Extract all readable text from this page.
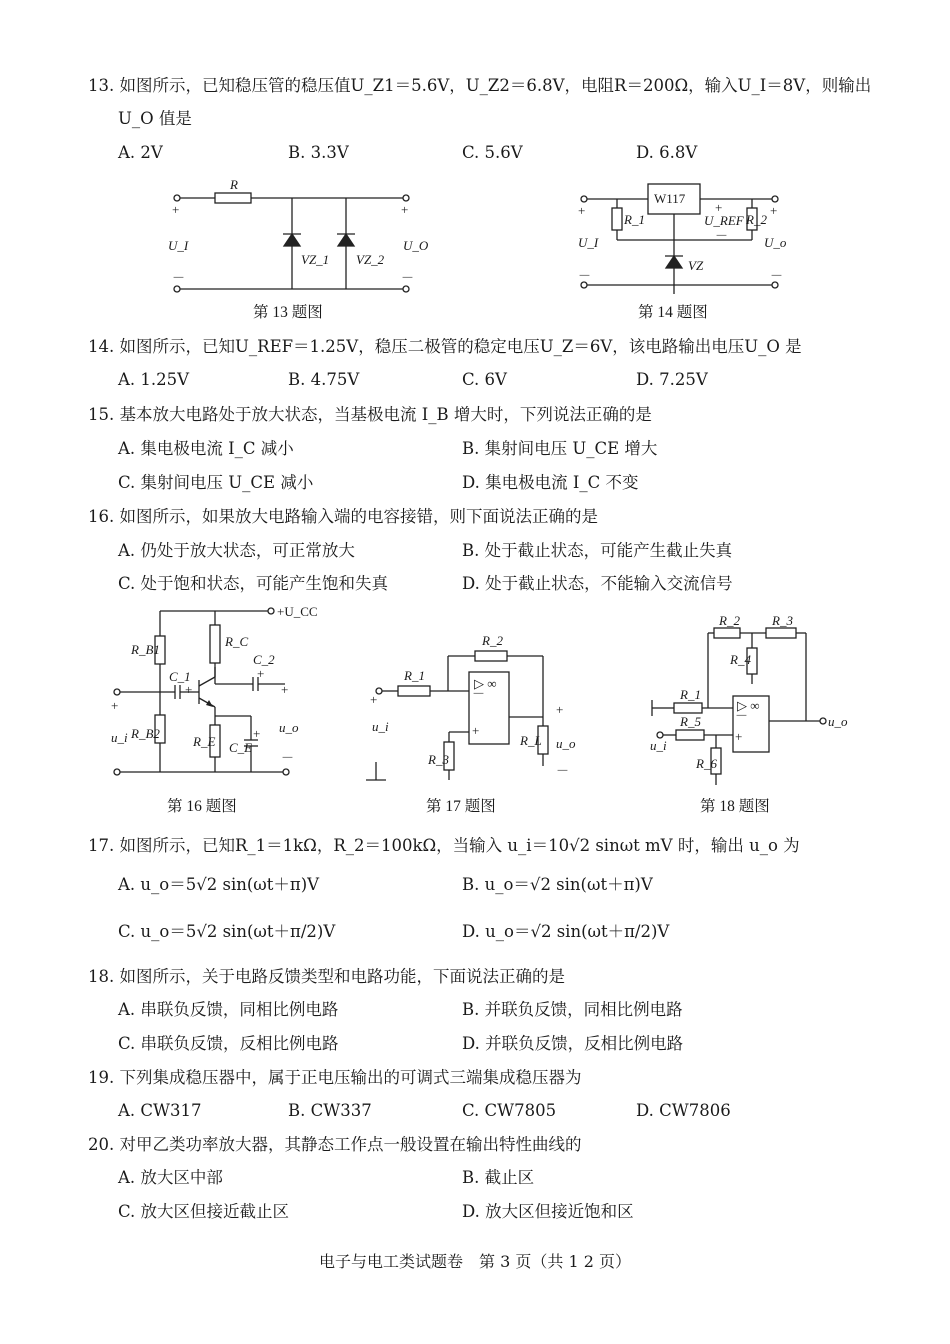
13. 如图所示，已知稳压管的稳压值U_Z1＝5.6V，U_Z2＝6.8V，电阻R＝200Ω，输入U_I＝8V，则输出
U_O 值是
A. 2V	B. 3.3V	C. 5.6V	D. 6.8V
R
+	+
－	－
U_I	U_O
VZ_1 VZ_2
第 13 题图
W117
R_1	R_2
U_REF
+
－
VZ
+	+
－	－
U_I	U_o
第 14 题图
14. 如图所示，已知U_REF＝1.25V，稳压二极管的稳定电压U_Z＝6V，该电路输出电压U_O 是
A. 1.25V	B. 4.75V	C. 6V	D. 7.25V
15. 基本放大电路处于放大状态，当基极电流 I_B 增大时，下列说法正确的是
A. 集电极电流 I_C 减小	B. 集射间电压 U_CE 增大
C. 集射间电压 U_CE 减小	D. 集电极电流 I_C 不变
16. 如图所示，如果放大电路输入端的电容接错，则下面说法正确的是
A. 仍处于放大状态，可正常放大	B. 处于截止状态，可能产生截止失真
C. 处于饱和状态，可能产生饱和失真	D. 处于截止状态，不能输入交流信号
+U_CC
R_B1
R_B2
R_C
R_E
C_1
C_2
C_E
+
+
+
+
+
－
u_i
u_o
第 16 题图
▷ ∞
－
+
R_1
R_2
R_3
R_L
+
－
u_o
+
u_i
第 17 题图
▷ ∞
－
+
R_2 R_3
R_4
R_1
R_5
R_6
u_i
u_o
第 18 题图
17. 如图所示，已知R_1＝1kΩ，R_2＝100kΩ，当输入 u_i＝10√2 sinωt mV 时，输出 u_o 为
A. u_o＝5√2 sin(ωt＋π)V	B. u_o＝√2 sin(ωt＋π)V
C. u_o＝5√2 sin(ωt＋π/2)V	D. u_o＝√2 sin(ωt＋π/2)V
18. 如图所示，关于电路反馈类型和电路功能，下面说法正确的是
A. 串联负反馈，同相比例电路	B. 并联负反馈，同相比例电路
C. 串联负反馈，反相比例电路	D. 并联负反馈，反相比例电路
19. 下列集成稳压器中，属于正电压输出的可调式三端集成稳压器为
A. CW317	B. CW337	C. CW7805	D. CW7806
20. 对甲乙类功率放大器，其静态工作点一般设置在输出特性曲线的
A. 放大区中部	B. 截止区
C. 放大区但接近截止区	D. 放大区但接近饱和区
电子与电工类试题卷　第 3 页（共 1 2 页）
